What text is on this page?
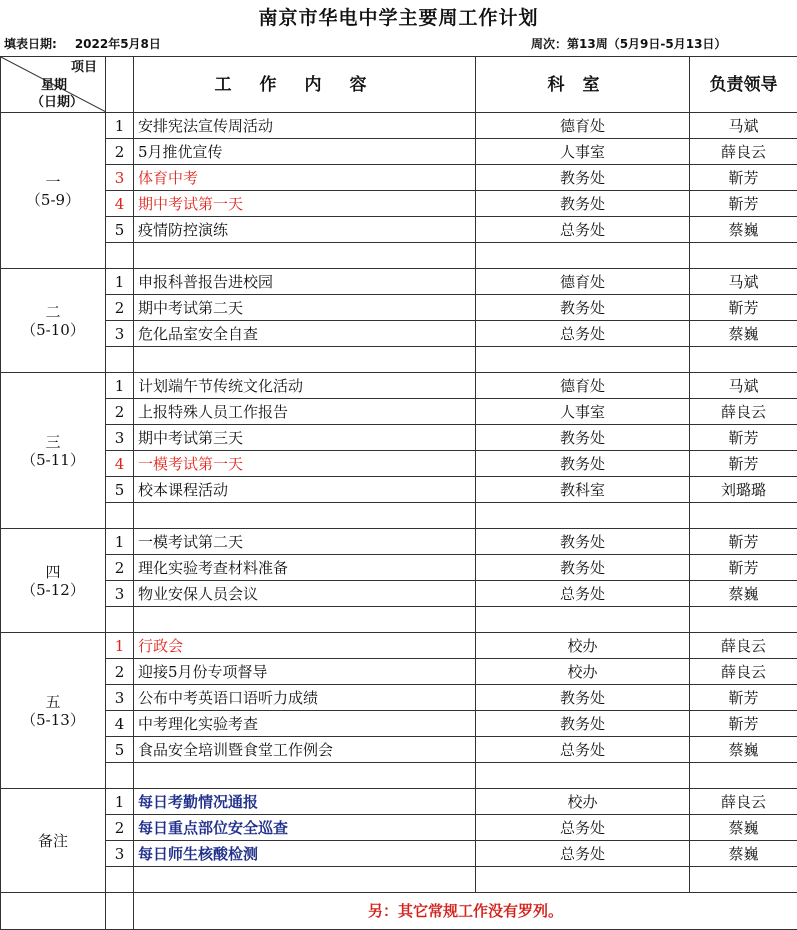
南京市华电中学主要周工作计划
填表日期: 2022年5月8日	周次：第13周（5月9日-5月13日）
项目
星期
（日期）		工作内容	科室	负责领导

一
（5-9）	1	安排宪法宣传周活动	德育处	马斌
	2	5月推优宣传	人事室	薛良云
	3	体育中考	教务处	靳芳
	4	期中考试第一天	教务处	靳芳
	5	疫情防控演练	总务处	蔡巍

二
（5-10）	1	申报科普报告进校园	德育处	马斌
	2	期中考试第二天	教务处	靳芳
	3	危化品室安全自查	总务处	蔡巍

三
（5-11）	1	计划端午节传统文化活动	德育处	马斌
	2	上报特殊人员工作报告	人事室	薛良云
	3	期中考试第三天	教务处	靳芳
	4	一模考试第一天	教务处	靳芳
	5	校本课程活动	教科室	刘璐璐

四
（5-12）	1	一模考试第二天	教务处	靳芳
	2	理化实验考查材料准备	教务处	靳芳
	3	物业安保人员会议	总务处	蔡巍

五
（5-13）	1	行政会	校办	薛良云
	2	迎接5月份专项督导	校办	薛良云
	3	公布中考英语口语听力成绩	教务处	靳芳
	4	中考理化实验考查	教务处	靳芳
	5	食品安全培训暨食堂工作例会	总务处	蔡巍

备注	1	每日考勤情况通报	校办	薛良云
	2	每日重点部位安全巡查	总务处	蔡巍
	3	每日师生核酸检测	总务处	蔡巍

		另：其它常规工作没有罗列。		
